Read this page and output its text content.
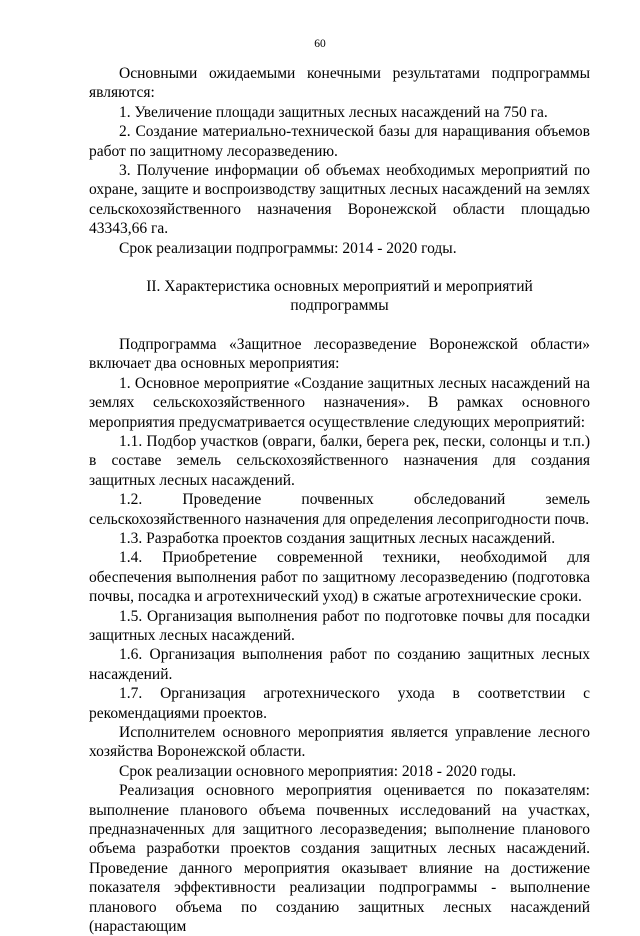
60

Основными ожидаемыми конечными результатами подпрограммы являются:

1. Увеличение площади защитных лесных насаждений на 750 га.

2. Создание материально-технической базы для наращивания объемов работ по защитному лесоразведению.

3. Получение информации об объемах необходимых мероприятий по охране, защите и воспроизводству защитных лесных насаждений на землях сельскохозяйственного назначения Воронежской области площадью 43343,66 га.

Срок реализации подпрограммы: 2014 - 2020 годы.

II. Характеристика основных мероприятий и мероприятий подпрограммы

Подпрограмма «Защитное лесоразведение Воронежской области» включает два основных мероприятия:

1. Основное мероприятие «Создание защитных лесных насаждений на землях сельскохозяйственного назначения». В рамках основного мероприятия предусматривается осуществление следующих мероприятий:

1.1. Подбор участков (овраги, балки, берега рек, пески, солонцы и т.п.) в составе земель сельскохозяйственного назначения для создания защитных лесных насаждений.

1.2. Проведение почвенных обследований земель сельскохозяйственного назначения для определения лесопригодности почв.

1.3. Разработка проектов создания защитных лесных насаждений.

1.4. Приобретение современной техники, необходимой для обеспечения выполнения работ по защитному лесоразведению (подготовка почвы, посадка и агротехнический уход) в сжатые агротехнические сроки.

1.5. Организация выполнения работ по подготовке почвы для посадки защитных лесных насаждений.

1.6. Организация выполнения работ по созданию защитных лесных насаждений.

1.7. Организация агротехнического ухода в соответствии с рекомендациями проектов.

Исполнителем основного мероприятия является управление лесного хозяйства Воронежской области.

Срок реализации основного мероприятия: 2018 - 2020 годы.

Реализация основного мероприятия оценивается по показателям: выполнение планового объема почвенных исследований на участках, предназначенных для защитного лесоразведения; выполнение планового объема разработки проектов создания защитных лесных насаждений. Проведение данного мероприятия оказывает влияние на достижение показателя эффективности реализации подпрограммы - выполнение планового объема по созданию защитных лесных насаждений (нарастающим
